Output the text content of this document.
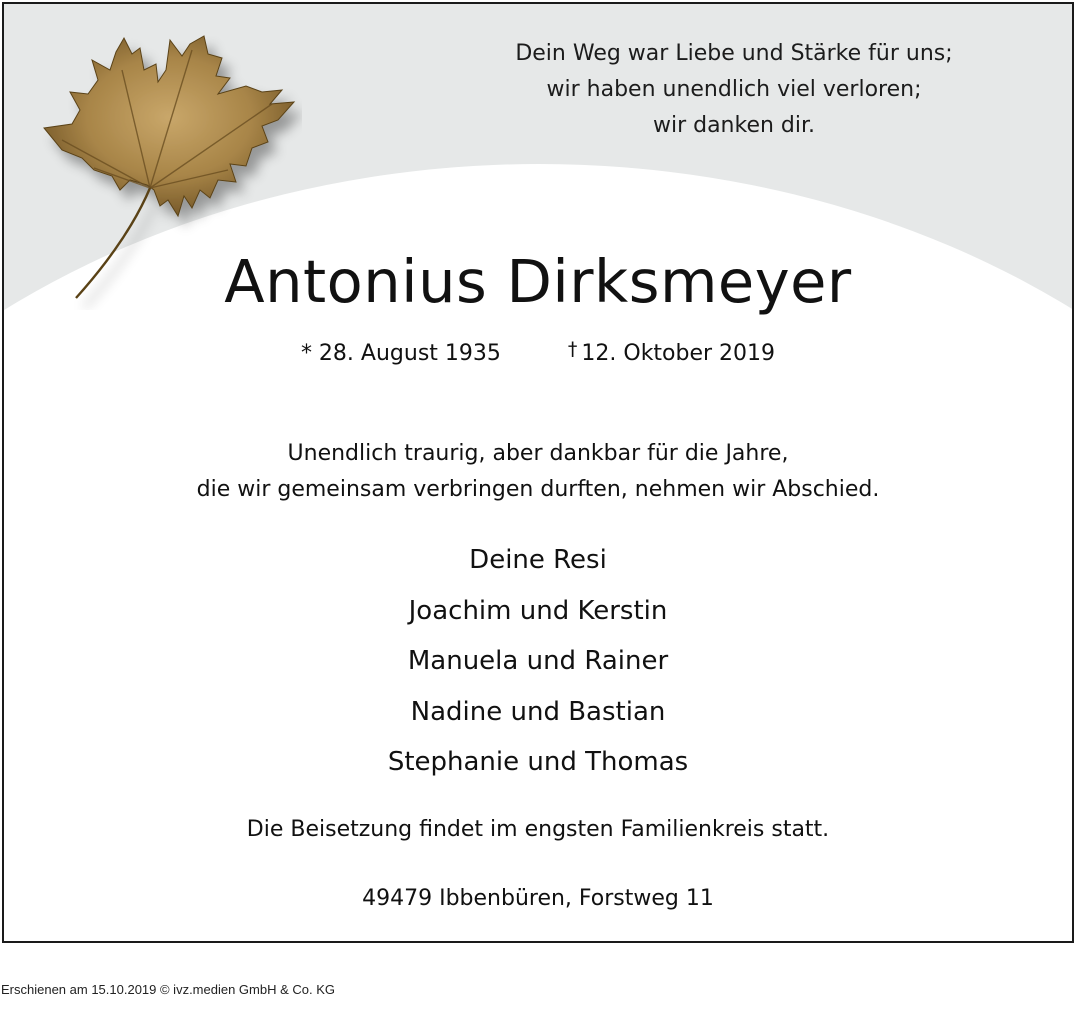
Dein Weg war Liebe und Stärke für uns;
wir haben unendlich viel verloren;
wir danken dir.
Antonius Dirksmeyer
* 28. August 1935	† 12. Oktober 2019
Unendlich traurig, aber dankbar für die Jahre,
die wir gemeinsam verbringen durften, nehmen wir Abschied.
Deine Resi
Joachim und Kerstin
Manuela und Rainer
Nadine und Bastian
Stephanie und Thomas
Die Beisetzung findet im engsten Familienkreis statt.
49479 Ibbenbüren, Forstweg 11
Erschienen am 15.10.2019 © ivz.medien GmbH & Co. KG
